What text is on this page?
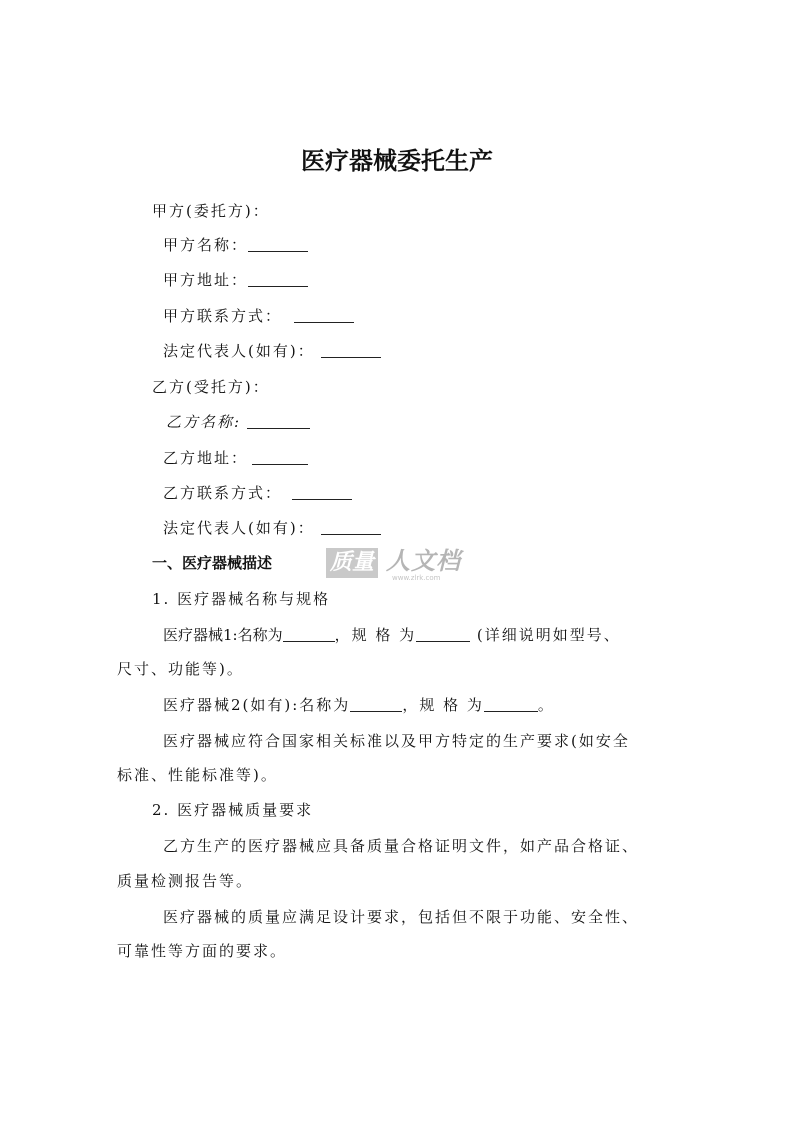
医疗器械委托生产
甲方(委托方)：
甲方名称：
甲方地址：
甲方联系方式：
法定代表人(如有)：
乙方(受托方)：
乙方名称:
乙方地址：
乙方联系方式：
法定代表人(如有)：
一、医疗器械描述	质量 人文档
www.zlrk.com
1. 医疗器械名称与规格
医疗器械1:名称为	，规 格 为	(详细说明如型号、
尺寸、功能等)。
医疗器械2(如有):名称为	，规 格 为	。
医疗器械应符合国家相关标准以及甲方特定的生产要求(如安全
标准、性能标准等)。
2. 医疗器械质量要求
乙方生产的医疗器械应具备质量合格证明文件，如产品合格证、
质量检测报告等。
医疗器械的质量应满足设计要求，包括但不限于功能、安全性、
可靠性等方面的要求。
